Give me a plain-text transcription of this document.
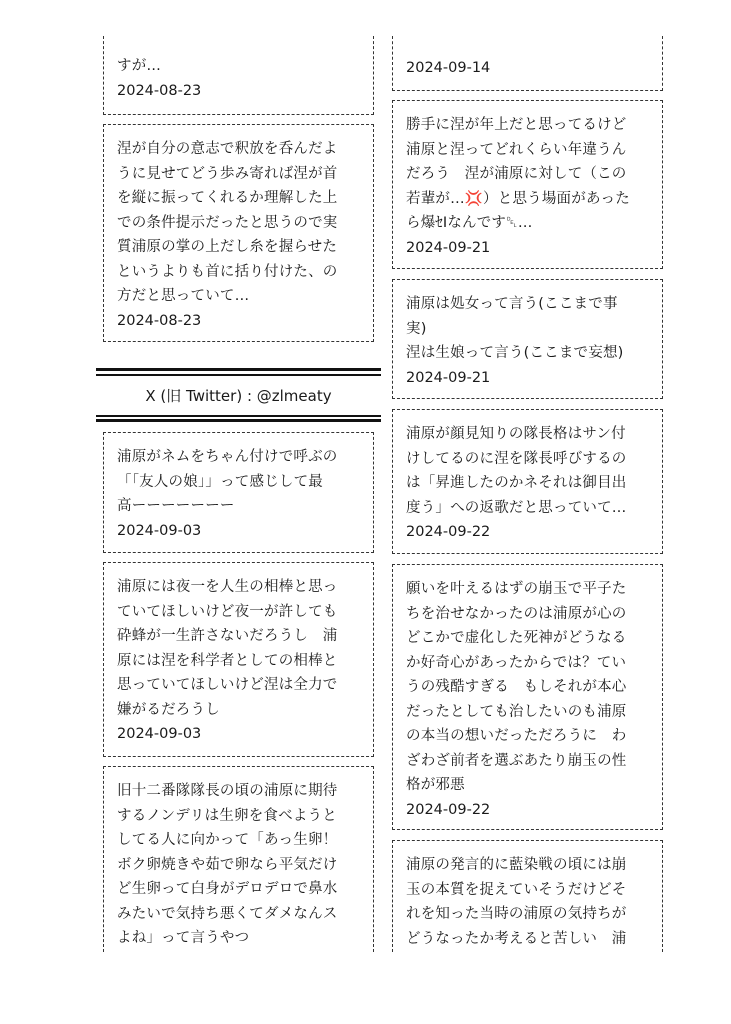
すが…
2024-08-23
涅が自分の意志で釈放を呑んだよ
うに見せてどう歩み寄れば涅が首
を縦に振ってくれるか理解した上
での条件提示だったと思うので実
質浦原の掌の上だし糸を握らせた
というよりも首に括り付けた、の
方だと思っていて…
2024-08-23
浦原がネムをちゃん付けで呼ぶの
「「友人の娘」」って感じして最
高ーーーーーーー
2024-09-03
浦原には夜一を人生の相棒と思っ
ていてほしいけど夜一が許しても
砕蜂が一生許さないだろうし　浦
原には涅を科学者としての相棒と
思っていてほしいけど涅は全力で
嫌がるだろうし
2024-09-03
旧十二番隊隊長の頃の浦原に期待
するノンデリは生卵を食べようと
してる人に向かって「あっ生卵！
ボク卵焼きや茹で卵なら平気だけ
ど生卵って白身がデロデロで鼻水
みたいで気持ち悪くてダメなんス
よね」って言うやつ
X (旧 Twitter) : @zlmeaty
2024-09-14
勝手に涅が年上だと思ってるけど
浦原と涅ってどれくらい年違うん
だろう　涅が浦原に対して（この
若輩が…💢）と思う場面があった
ら爆ｾIなんです␡…
2024-09-21
浦原は処女って言う(ここまで事
実)
涅は生娘って言う(ここまで妄想)
2024-09-21
浦原が顔見知りの隊長格はサン付
けしてるのに涅を隊長呼びするの
は「昇進したのかネそれは御目出
度う」への返歌だと思っていて…
2024-09-22
願いを叶えるはずの崩玉で平子た
ちを治せなかったのは浦原が心の
どこかで虚化した死神がどうなる
か好奇心があったからでは？てい
うの残酷すぎる　もしそれが本心
だったとしても治したいのも浦原
の本当の想いだっただろうに　わ
ざわざ前者を選ぶあたり崩玉の性
格が邪悪
2024-09-22
浦原の発言的に藍染戦の頃には崩
玉の本質を捉えていそうだけどそ
れを知った当時の浦原の気持ちが
どうなったか考えると苦しい　浦
